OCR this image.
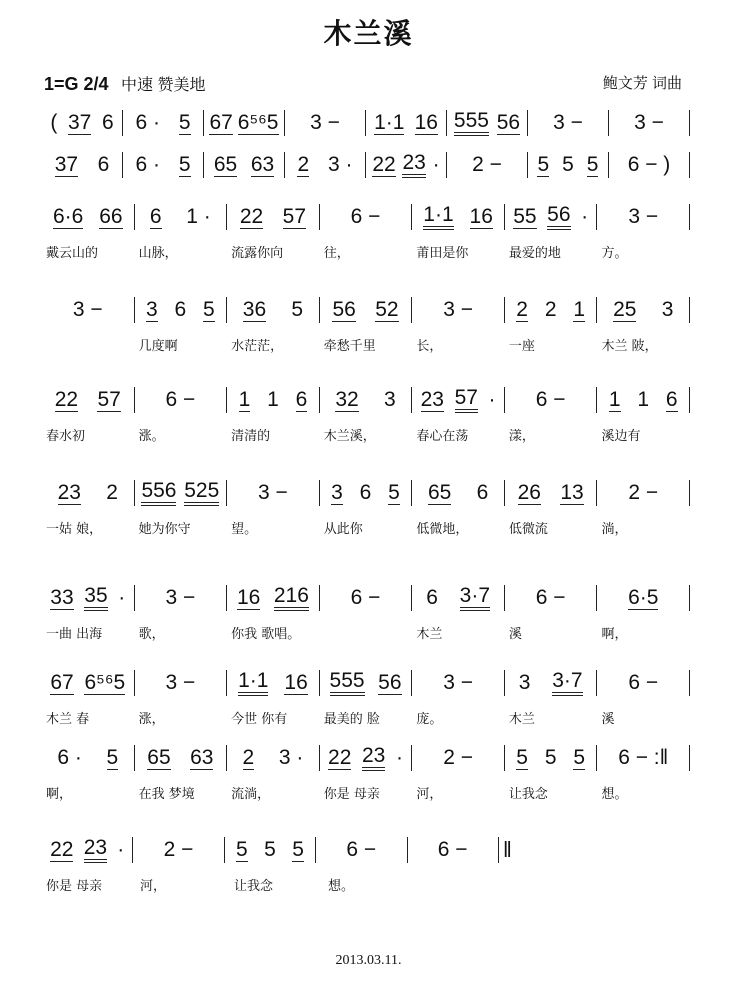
木兰溪
1=G 2/4 中速 赞美地	鲍文芳 词曲
( 37 6 6 · 5 67 6⁵⁶5 3 − 1·1 16 555 56 3 − 3 −
37 6 6 · 5 65 63 2 3 · 22 23 · 2 − 5 5 5 6 − )
6·6 66 6 1 · 22 57 6 − 1·1 16 55 56 · 3 −
戴云山的	山脉，	流露你向	往，	莆田是你	最爱的地	方。
3 − 3 6 5 36 5 56 52 3 − 2 2 1 25 3
几度啊	水茫茫，	牵愁千里	长，	一座	木兰 陂，
22 57 6 − 1 1 6 32 3 23 57 · 6 − 1 1 6
春水初	涨。	清清的	木兰溪，	春心在荡	漾，	溪边有
23 2 556 525 3 − 3 6 5 65 6 26 13 2 −
一姑 娘，	她为你守	望。	从此你	低微地，	低微流	淌，
33 35 · 3 − 16 216 6 − 6 3·7 6 −	6·5
一曲 出海	歌，	你我 歌唱。	木兰	溪	啊，
67 6⁵⁶5 3 − 1·1 16 555 56 3 − 3 3·7 6 −
木兰 春	涨，	今世 你有	最美的 脸	庞。	木兰	溪
6 · 5 65 63 2 3 · 22 23 · 2 − 5 5 5 6 − :‖
啊，	在我 梦境	流淌，	你是 母亲	河，	让我念	想。
22 23 · 2 − 5 5 5 6 −	6 − ‖
你是 母亲	河，	让我念	想。
2013.03.11.
